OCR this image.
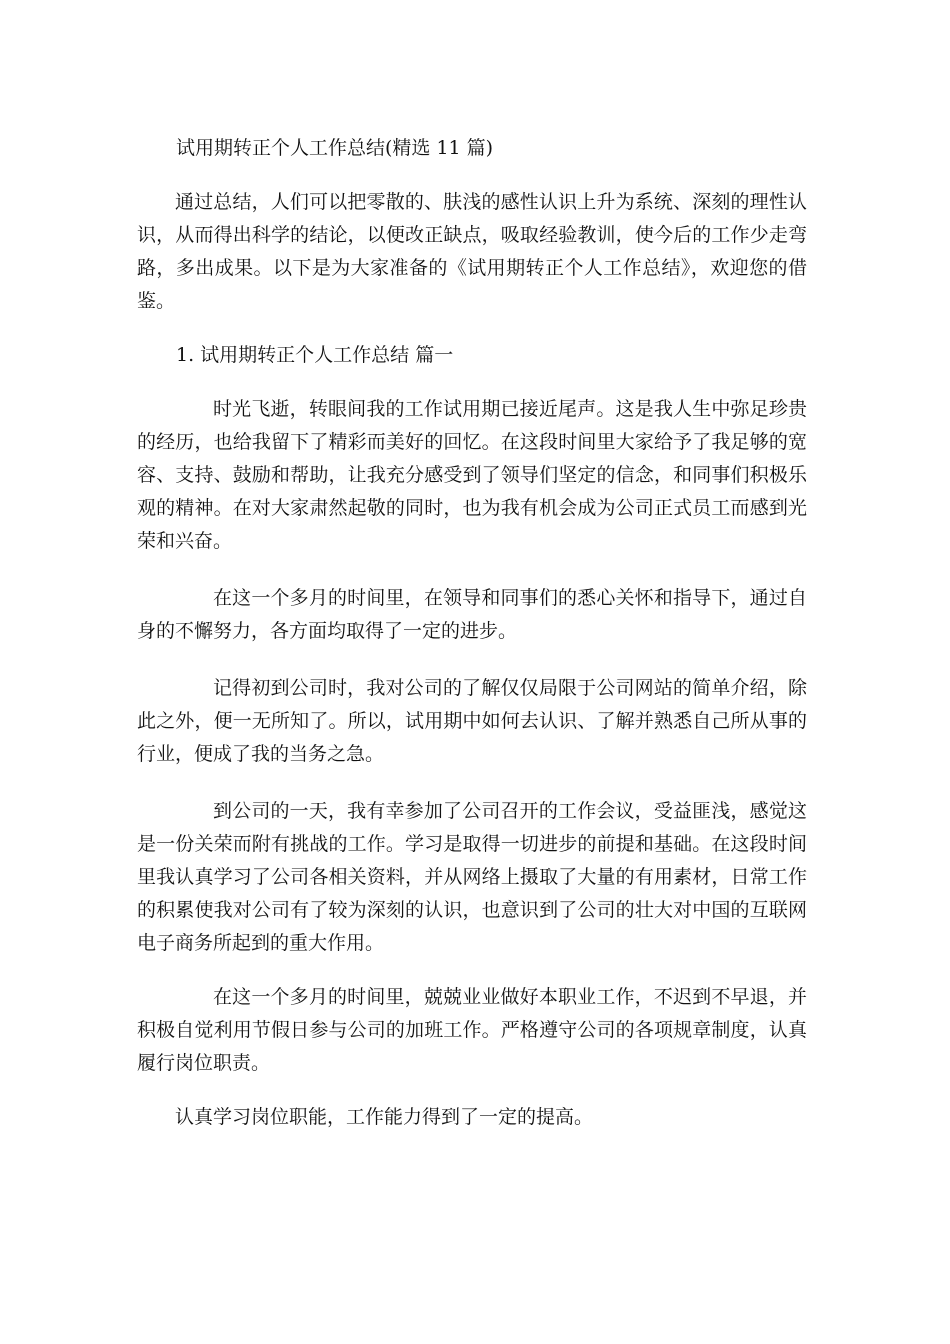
试用期转正个人工作总结(精选 11 篇)

通过总结，人们可以把零散的、肤浅的感性认识上升为系统、深刻的理性认识，从而得出科学的结论，以便改正缺点，吸取经验教训，使今后的工作少走弯路，多出成果。以下是为大家准备的《试用期转正个人工作总结》，欢迎您的借鉴。

1. 试用期转正个人工作总结 篇一

时光飞逝，转眼间我的工作试用期已接近尾声。这是我人生中弥足珍贵的经历，也给我留下了精彩而美好的回忆。在这段时间里大家给予了我足够的宽容、支持、鼓励和帮助，让我充分感受到了领导们坚定的信念，和同事们积极乐观的精神。在对大家肃然起敬的同时，也为我有机会成为公司正式员工而感到光荣和兴奋。

在这一个多月的时间里，在领导和同事们的悉心关怀和指导下，通过自身的不懈努力，各方面均取得了一定的进步。

记得初到公司时，我对公司的了解仅仅局限于公司网站的简单介绍，除此之外，便一无所知了。所以，试用期中如何去认识、了解并熟悉自己所从事的行业，便成了我的当务之急。

到公司的一天，我有幸参加了公司召开的工作会议，受益匪浅，感觉这是一份关荣而附有挑战的工作。学习是取得一切进步的前提和基础。在这段时间里我认真学习了公司各相关资料，并从网络上摄取了大量的有用素材，日常工作的积累使我对公司有了较为深刻的认识，也意识到了公司的壮大对中国的互联网电子商务所起到的重大作用。

在这一个多月的时间里，兢兢业业做好本职业工作，不迟到不早退，并积极自觉利用节假日参与公司的加班工作。严格遵守公司的各项规章制度，认真履行岗位职责。

认真学习岗位职能，工作能力得到了一定的提高。
